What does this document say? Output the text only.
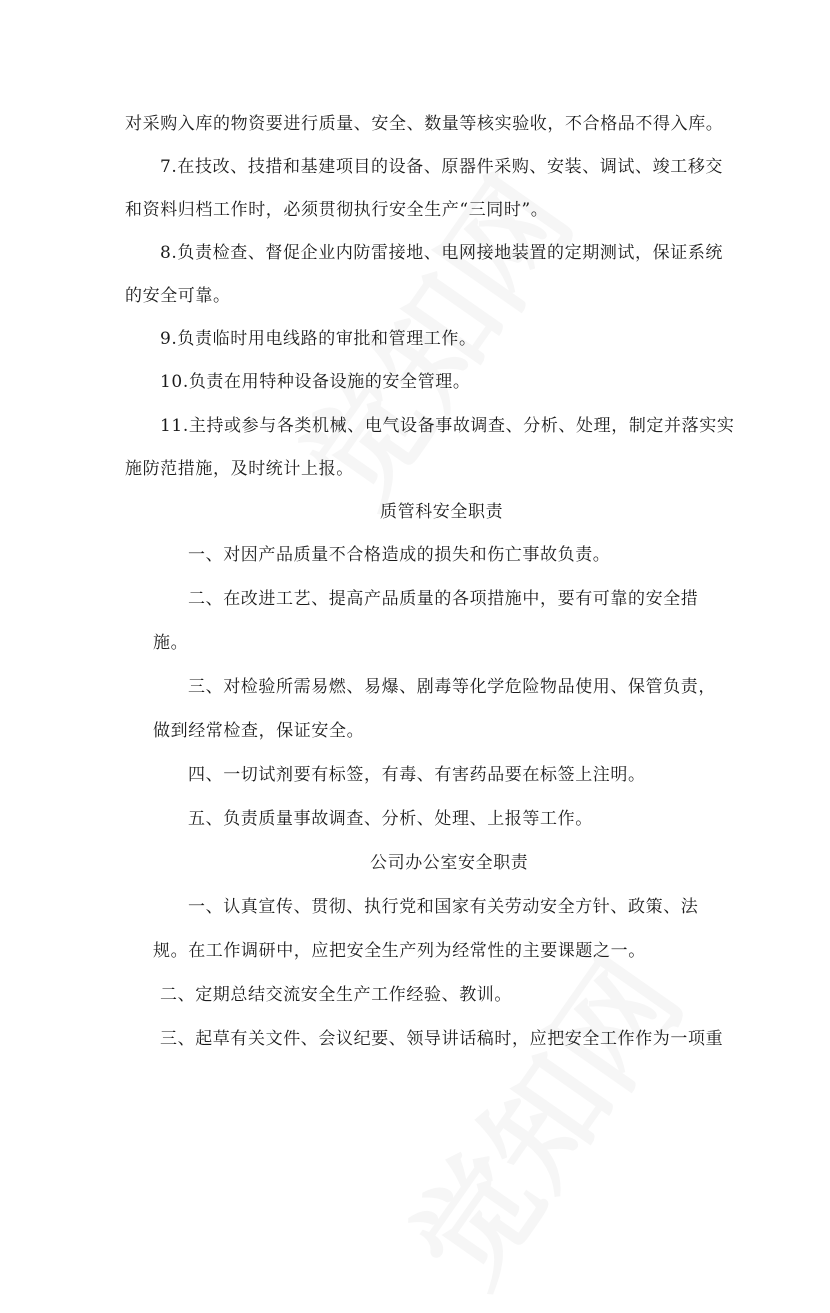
对采购入库的物资要进行质量、安全、数量等核实验收，不合格品不得入库。
7.在技改、技措和基建项目的设备、原器件采购、安装、调试、竣工移交
和资料归档工作时，必须贯彻执行安全生产“三同时”。
8.负责检查、督促企业内防雷接地、电网接地装置的定期测试，保证系统
的安全可靠。
9.负责临时用电线路的审批和管理工作。
10.负责在用特种设备设施的安全管理。
11.主持或参与各类机械、电气设备事故调查、分析、处理，制定并落实实
施防范措施，及时统计上报。
质管科安全职责
一、对因产品质量不合格造成的损失和伤亡事故负责。
二、在改进工艺、提高产品质量的各项措施中，要有可靠的安全措
施。
三、对检验所需易燃、易爆、剧毒等化学危险物品使用、保管负责，
做到经常检查，保证安全。
四、一切试剂要有标签，有毒、有害药品要在标签上注明。
五、负责质量事故调查、分析、处理、上报等工作。
公司办公室安全职责
一、认真宣传、贯彻、执行党和国家有关劳动安全方针、政策、法
规。在工作调研中，应把安全生产列为经常性的主要课题之一。
二、定期总结交流安全生产工作经验、教训。
三、起草有关文件、会议纪要、领导讲话稿时，应把安全工作作为一项重
